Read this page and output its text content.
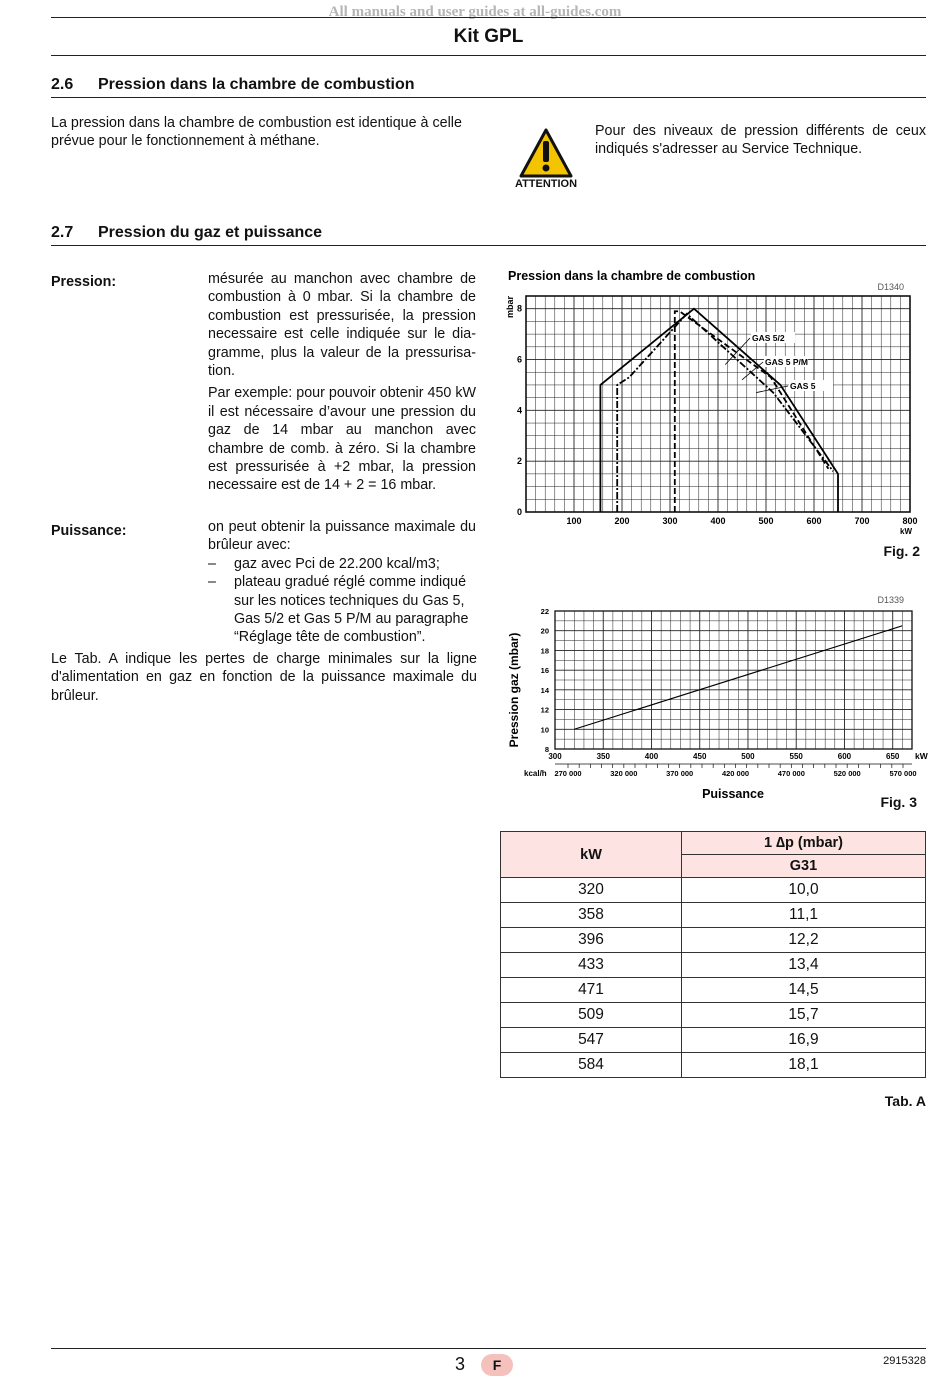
All manuals and user guides at all-guides.com
Kit GPL
2.6 Pression dans la chambre de combustion
La pression dans la chambre de combustion est identique à celle prévue pour le fonctionnement à méthane.
ATTENTION
Pour des niveaux de pression différents de ceux indiqués s'adresser au Service Technique.
2.7 Pression du gaz et puissance
Pression:	mésurée au manchon avec chambre de combustion à 0 mbar. Si la chambre de combustion est pressurisée, la pression necessaire est celle indiquée sur le dia-gramme, plus la valeur de la pressurisa-tion.
Par exemple: pour pouvoir obtenir 450 kW il est nécessaire d’avour une pression du gaz de 14 mbar au manchon avec chambre de comb. à zéro. Si la chambre est pressurisée à +2 mbar, la pression necessaire est de 14 + 2 = 16 mbar.
Puissance:	on peut obtenir la puissance maximale du brûleur avec:
– gaz avec Pci de 22.200 kcal/m3;
– plateau gradué réglé comme indiqué sur les notices techniques du Gas 5, Gas 5/2 et Gas 5 P/M au paragraphe “Réglage tête de combustion”.
Le Tab. A indique les pertes de charge minimales sur la ligne d'alimentation en gaz en fonction de la puissance maximale du brûleur.
Pression dans la chambre de combustion
D1340
100	200	300	400	500	600	700	800
0
2
4
6
8
kW
mbar
GAS 5/2
GAS 5 P/M
GAS 5
Fig. 2
D1339
300	350	400	450	500	550	600	650 kW
8
10
12
14
16
18
20
22
270 000	320 000	370 000	420 000	470 000	520 000	570 000
kcal/h
Puissance
Pression gaz (mbar)
Fig. 3
kW	1 ∆p (mbar)
	G31
320	10,0
358	11,1
396	12,2
433	13,4
471	14,5
509	15,7
547	16,9
584	18,1
Tab. A
3	F	2915328
